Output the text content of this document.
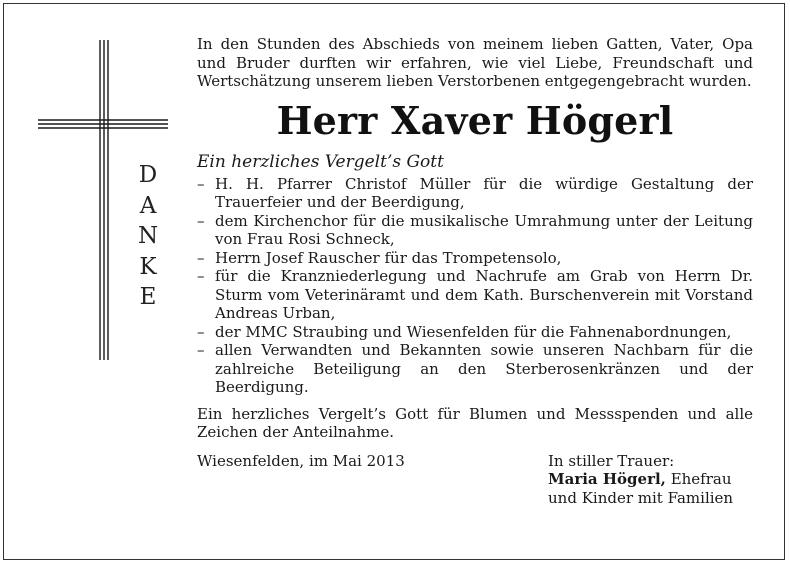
D
A
N
K
E

In den Stunden des Abschieds von meinem lieben Gatten, Vater, Opa und Bruder durften wir erfahren, wie viel Liebe, Freundschaft und Wertschätzung unserem lieben Verstorbenen entgegengebracht wurden.

Herr Xaver Högerl

Ein herzliches Vergelt’s Gott

– H. H. Pfarrer Christof Müller für die würdige Gestaltung der Trauerfeier und der Beerdigung,
– dem Kirchenchor für die musikalische Umrahmung unter der Leitung von Frau Rosi Schneck,
– Herrn Josef Rauscher für das Trompetensolo,
– für die Kranzniederlegung und Nachrufe am Grab von Herrn Dr. Sturm vom Veterinäramt und dem Kath. Burschenverein mit Vorstand Andreas Urban,
– der MMC Straubing und Wiesenfelden für die Fahnenabordnungen,
– allen Verwandten und Bekannten sowie unseren Nachbarn für die zahlreiche Beteiligung an den Sterberosenkränzen und der Beerdigung.

Ein herzliches Vergelt’s Gott für Blumen und Messspenden und alle Zeichen der Anteilnahme.

Wiesenfelden, im Mai 2013	In stiller Trauer:
Maria Högerl, Ehefrau
und Kinder mit Familien
